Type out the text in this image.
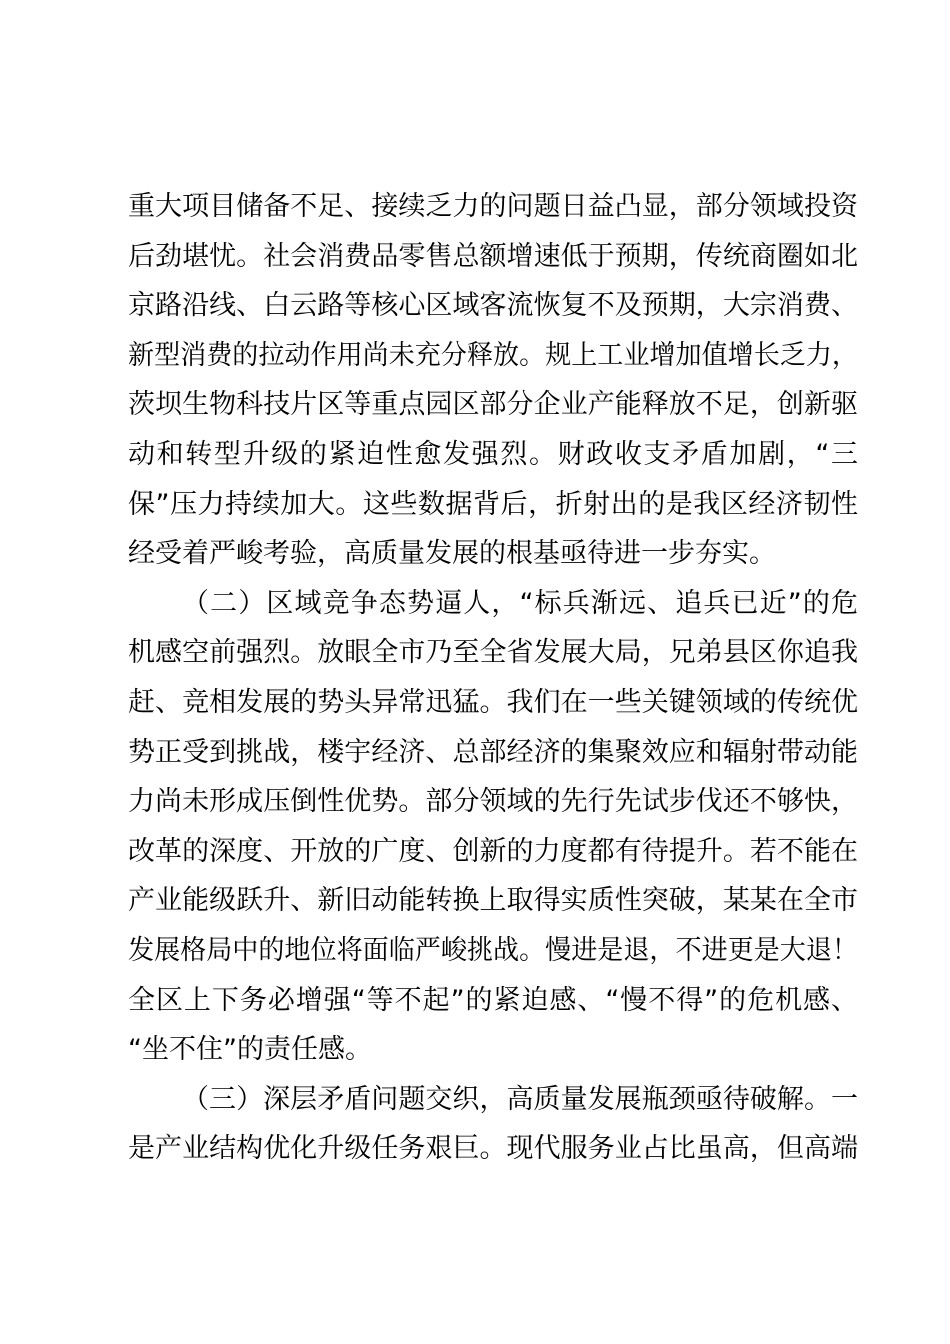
重大项目储备不足、接续乏力的问题日益凸显，部分领域投资
后劲堪忧。社会消费品零售总额增速低于预期，传统商圈如北
京路沿线、白云路等核心区域客流恢复不及预期，大宗消费、
新型消费的拉动作用尚未充分释放。规上工业增加值增长乏力，
茨坝生物科技片区等重点园区部分企业产能释放不足，创新驱
动和转型升级的紧迫性愈发强烈。财政收支矛盾加剧，“三
保”压力持续加大。这些数据背后，折射出的是我区经济韧性
经受着严峻考验，高质量发展的根基亟待进一步夯实。
（二）区域竞争态势逼人，“标兵渐远、追兵已近”的危
机感空前强烈。放眼全市乃至全省发展大局，兄弟县区你追我
赶、竞相发展的势头异常迅猛。我们在一些关键领域的传统优
势正受到挑战，楼宇经济、总部经济的集聚效应和辐射带动能
力尚未形成压倒性优势。部分领域的先行先试步伐还不够快，
改革的深度、开放的广度、创新的力度都有待提升。若不能在
产业能级跃升、新旧动能转换上取得实质性突破，某某在全市
发展格局中的地位将面临严峻挑战。慢进是退，不进更是大退！
全区上下务必增强“等不起”的紧迫感、“慢不得”的危机感、
“坐不住”的责任感。
（三）深层矛盾问题交织，高质量发展瓶颈亟待破解。一
是产业结构优化升级任务艰巨。现代服务业占比虽高，但高端
